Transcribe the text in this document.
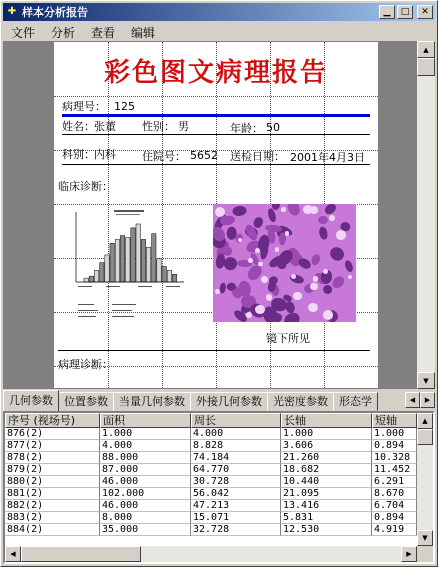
✚ 样本分析报告	▁ □ ✕
文件	分析	查看	编辑
彩色图文病理报告
病理号： 125
姓名： 张董 性别： 男	年龄： 50
科别： 内科 住院号： 5652 送检日期： 2001年4月3日
临床诊断：
镜下所见
病理诊断：
▲
▼
几何参数	位置参数	当量几何参数	外接几何参数	光密度参数	形态学	◀ ▶
序号 (视场号)	面积	周长	长轴	短轴
876(2)	1.000	4.000	1.000	1.000
877(2)	4.000	8.828	3.606	0.894
878(2)	88.000	74.184	21.260	10.328
879(2)	87.000	64.770	18.682	11.452
880(2)	46.000	30.728	10.440	6.291
881(2)	102.000	56.042	21.095	8.670
882(2)	46.000	47.213	13.416	6.704
883(2)	8.000	15.071	5.831	0.894
884(2)	35.000	32.728	12.530	4.919
▲
▼
◀	▶
